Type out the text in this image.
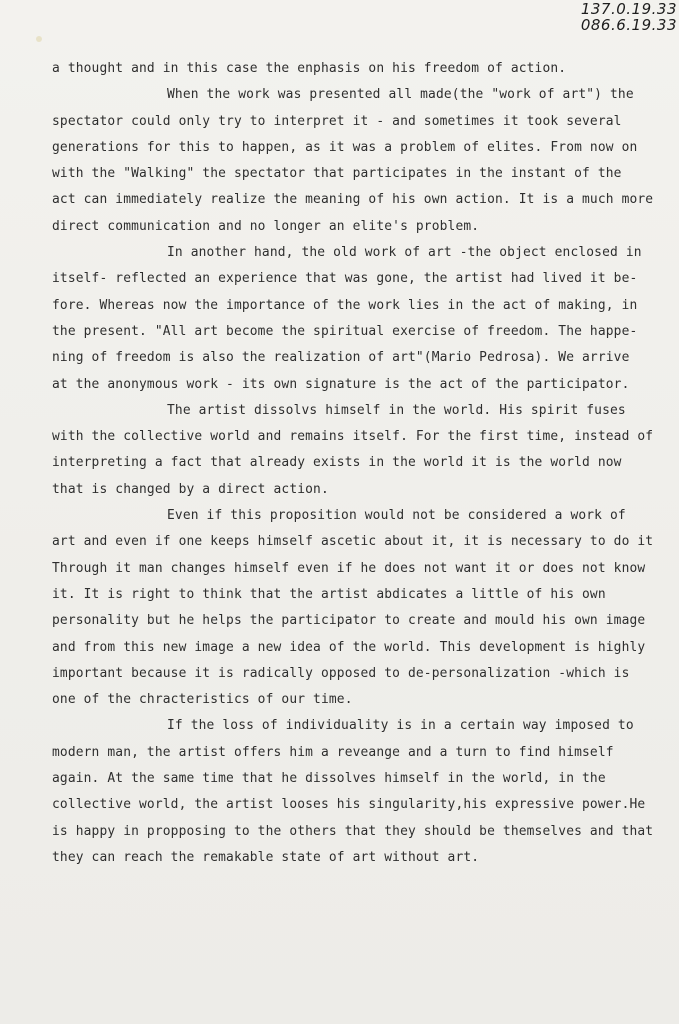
137.0.19.33
086.6.19.33
a thought and in this case the enphasis on his freedom of action.
When the work was presented all made(the "work of art") the
spectator could only try to interpret it - and sometimes it took several
generations for this to happen, as it was a problem of elites. From now on
with the "Walking" the spectator that participates in the instant of the
act can immediately realize the meaning of his own action. It is a much more
direct communication and no longer an elite's problem.
In another hand, the old work of art -the object enclosed in
itself- reflected an experience that was gone, the artist had lived it be-
fore. Whereas now the importance of the work lies in the act of making, in
the present. "All art become the spiritual exercise of freedom. The happe-
ning of freedom is also the realization of art"(Mario Pedrosa). We arrive
at the anonymous work - its own signature is the act of the participator.
The artist dissolvs himself in the world. His spirit fuses
with the collective world and remains itself. For the first time, instead of
interpreting a fact that already exists in the world it is the world now
that is changed by a direct action.
Even if this proposition would not be considered a work of
art and even if one keeps himself ascetic about it, it is necessary to do it
Through it man changes himself even if he does not want it or does not know
it. It is right to think that the artist abdicates a little of his own
personality but he helps the participator to create and mould his own image
and from this new image a new idea of the world. This development is highly
important because it is radically opposed to de-personalization -which is
one of the chracteristics of our time.
If the loss of individuality is in a certain way imposed to
modern man, the artist offers him a reveange and a turn to find himself
again. At the same time that he dissolves himself in the world, in the
collective world, the artist looses his singularity,his expressive power.He
is happy in propposing to the others that they should be themselves and that
they can reach the remakable state of art without art.
